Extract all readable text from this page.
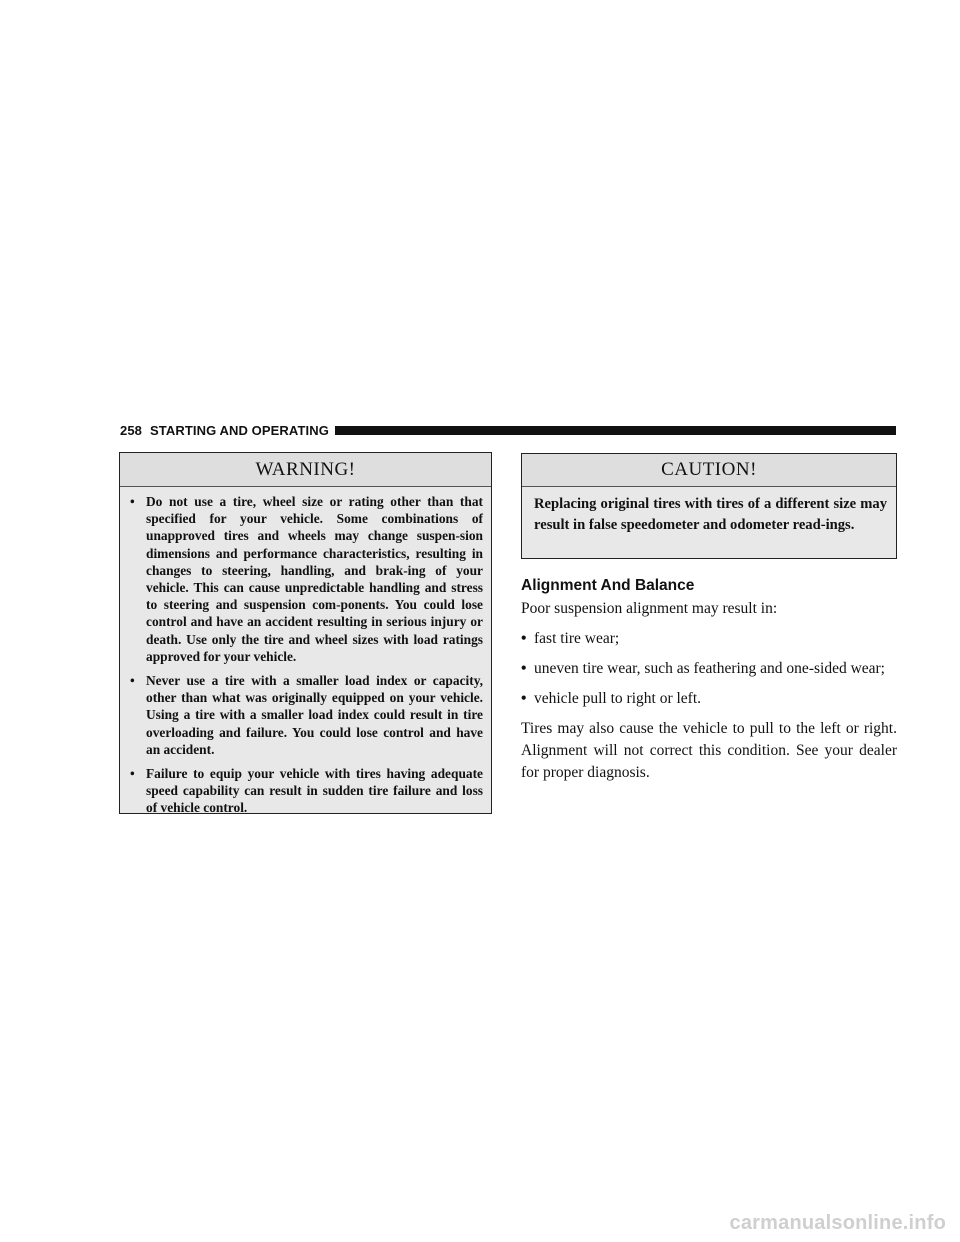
258 STARTING AND OPERATING
WARNING!
• Do not use a tire, wheel size or rating other than that specified for your vehicle. Some combinations of unapproved tires and wheels may change suspen-sion dimensions and performance characteristics, resulting in changes to steering, handling, and brak-ing of your vehicle. This can cause unpredictable handling and stress to steering and suspension com-ponents. You could lose control and have an accident resulting in serious injury or death. Use only the tire and wheel sizes with load ratings approved for your vehicle.
• Never use a tire with a smaller load index or capacity, other than what was originally equipped on your vehicle. Using a tire with a smaller load index could result in tire overloading and failure. You could lose control and have an accident.
• Failure to equip your vehicle with tires having adequate speed capability can result in sudden tire failure and loss of vehicle control.
CAUTION!
Replacing original tires with tires of a different size may result in false speedometer and odometer read-ings.
Alignment And Balance

Poor suspension alignment may result in:

• fast tire wear;
• uneven tire wear, such as feathering and one-sided wear;
• vehicle pull to right or left.

Tires may also cause the vehicle to pull to the left or right. Alignment will not correct this condition. See your dealer for proper diagnosis.

carmanualsonline.info
